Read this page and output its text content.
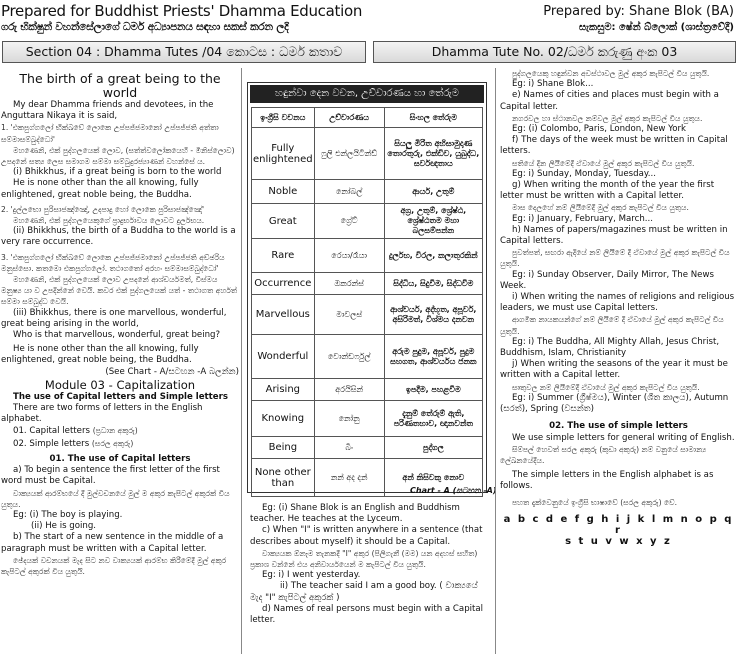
Prepared for Buddhist Priests' Dhamma Education
ගරු භික්ෂුන් වහන්සේලාගේ ධර්ම අධ්‍යාපනය සඳහා සකස් කරන ලදි
Prepared by: Shane Blok (BA)
සැකසුම: ෂේන් බ්ලොක් (ශාස්ත්‍රවේදී)
Section 04 : Dhamma Tutes /04 කොටස : ධර්ම කතාව	Dhamma Tute No. 02/ධර්ම කරුණු අංක 03

The birth of a great being to the world

My dear Dhamma friends and devotees, in the Anguttara Nikaya it is said,

1. 'එකපුග්ගලෝ භික්ඛවේ ලොකෙ උප්පජ්ජමානෝ උප්පජ්ජති අත්තා සම්මාසම්බුද්ධෝ'

මහණෙනි, එක් පුද්ගලයෙක් ලොව, (සත්ත්වලෝකයෙහි - මිනිස්ලොව) උපදනේ සත්‍ය ලෙස සමාගම සම්මා සම්බුදුරජ්‍යාණන් වහන්සේ ය.

(i) Bhikkhus, if a great being is born to the world

He is none other than the all knowing, fully enlightened, great noble being, the Buddha.

2. 'දුල්ලභො පුරිසාජඤ්ඤෝ, උදපාදු හෝ ලොකෙ පුරිසාජඤ්ඤෝ'

මහණෙනි, එක් පුද්ගලයෙකුගේ ප්‍රාදුර්භාවය ලොවට දුර්ලභය.

(ii) Bhikkhus, the birth of a Buddha to the world is a very rare occurrence.

3. 'එකපුග්ගලෝ භික්ඛවේ ලොකෙ උප්පජ්ජමානෝ උප්පජ්ජති අච්ඡරිය මනුස්සො. කතමො එකපුග්ගලෝ. තථාගතෝ අරහං සම්මාසම්බුද්ධෝ'

මහණෙනි, එක් පුද්ගලයෙක් ලොව උපදනේ ආශ්චර්යමත්, විස්මය මනුෂ්‍ය යා ව උපදින්නේ වෙයි. කවර එක් පුද්ගලයෙක් යත් - තථාගත අර්හත් සම්මා සම්බුද්ධ වෙයි.

(iii) Bhikkhus, there is one marvellous, wonderful, great being arising in the world,

Who is that marvellous, wonderful, great being?

He is none other than the all knowing, fully enlightened, great noble being, the Buddha.

(See Chart - A/සටහන -A බලන්න)

Module 03 - Capitalization

The use of Capital letters and Simple letters

There are two forms of letters in the English alphabet.

01. Capital letters (ප්‍රධාන අකුරු)

02. Simple letters (සරල අකුරු)

01. The use of Capital letters

a) To begin a sentence the first letter of the first word must be Capital.

වාක්‍යයක් ආරම්භයේ දී මුල්වචනයේ මුල් ම අකුර කැපිටල් අකුරක් විය යුතුය.

Eg: (i) The boy is playing.

(ii) He is going.

b) The start of a new sentence in the middle of a paragraph must be written with a Capital letter.

ඡේදයක් වචනයක් මැද සිට නව වාක්‍යයක් ආරම්භ කිරීමේදී මුල් අකුර කැපිටල් අකුරක් විය යුතුයි.

හඳුන්වා දෙන වචන, උච්චාරණය හා තේරුම
ඉංග්‍රීසි වචනය	උච්චාරණය	සිංහල තේරුම
Fully enlightened	ෆුලි එන්ලයිටින්ඩ්	සියලු මිරිත අභිසාමුදාණ තොරතුරු, එක්ඩිව, යුබුද්ධ, සර්වඥතාය
Noble	නෝබල්	ආර්ය, උතුම්
Great	ග්‍රේට්	අග්‍ර, උතුම්, ශ්‍රේෂ්ඨ, ශ්‍රේෂ්ඨතම මහා බලසම්පන්න
Rare	රෙයා/රෑයා	දුර්ලභ, විරල, කලාතුරකින්
Occurrence	ඔකරන්ස්	සිද්ධිය, සිදුවීම, සිද්ධවීම
Marvellous	මාවලස්	ආශ්චර්ය, අද්භූත, අපූර්ව, අසිරිමත්, විශ්මය දනවන
Wonderful	වොන්ඩර්ෆුල්	අරුම පුදුම, අපූර්ව, පුදුම සහගත, ආශ්චර්යය ජනක
Arising	අරයිසින්	ඉපදීම, පහළවීම
Knowing	නෝනු	දැනුම් තේරුම් ඇති, පරිණතභාව, ඥානවන්ත
Being	බීං	පුද්ගල
None other than	නන් අද දන්	අන් කිසිවකු නොව
Chart - A (සටහන -A)

Eg: (i) Shane Blok is an English and Buddhism teacher. He teaches at the Lyceum.

c) When "I" is written anywhere in a sentence (that describes about myself) it should be a Capital.

වාක්‍යයක ඕනෑම තැනකදී "I" අකුර (පිලිගැනී (මම) යන අදහස් සහිත) ප්‍රකාශ වන්නේ එය අනිවාර්යයෙන් ම කැපිටල් විය යුතුයි.

Eg: i) I went yesterday.

ii) The teacher said I am a good boy. ( වාක්‍යයේ මැද "I" කැපිටල් අකුරක් )

d) Names of real persons must begin with a Capital letter.

පුද්ගලයෙකු හඳුන්වන අවස්ථාවල මුල් අකුර කැපිටල් විය යුතුයි.

Eg: i) Shane Blok...

e) Names of cities and places must begin with a Capital letter.

නගරවල හා ස්ථානවල නම්වල මුල් අකුර කැපිටල් විය යුතුය.

Eg: (i) Colombo, Paris, London, New York

f) The days of the week must be written in Capital letters.

සතියේ දින ලියීමේදී ඒවායේ මුල් අකුර කැපිටල් විය යුතුයි.

Eg: i) Sunday, Monday, Tuesday...

g) When writing the month of the year the first letter must be written with a Capital letter.

මාස දෙලහේ නම් ලියීමේදී මුල් අකුර කැපිටල් විය යුතුය.

Eg: i) January, February, March...

h) Names of papers/magazines must be written in Capital letters.

පුවත්පත්, සඟරා ඇදියේ නම් ලියීමේ දී ඒවායේ මුල් අකුර කැපිටල් විය යුතුයි.

Eg: i) Sunday Observer, Daily Mirror, The News Week.

i) When writing the names of religions and religious leaders, we must use Capital letters.

ආගමික නායකයන්ගේ නම් ලියීමේ දී ඒවායේ මුල් අකුර කැපිටල් විය යුතුයි.

Eg: i) The Buddha, All Mighty Allah, Jesus Christ, Buddhism, Islam, Christianity

j) When writing the seasons of the year it must be written with a Capital letter.

සෘතුවල නම් ලියීමේදී ඒවායේ මුල් අකුර කැපිටල් විය යුතුයි.

Eg: i) Summer (ග්‍රීෂ්මය), Winter (ශීත කාලය), Autumn (සරත්), Spring (වසන්ත)

02. The use of simple letters

We use simple letters for general writing of English.

සිම්පල් හෙවත් සරල අකුරු (කුඩා අකුරු) නම් වනුයේ සාමාන්‍ය ලේඛනයේදීය.

The simple letters in the English alphabet is as follows.

පහත දැක්වෙනුයේ ඉංග්‍රීසි භාෂාවේ (සරල අකුරු) වේ.

a b c d e f g h i j k l m n o p q r

s t u v w x y z
